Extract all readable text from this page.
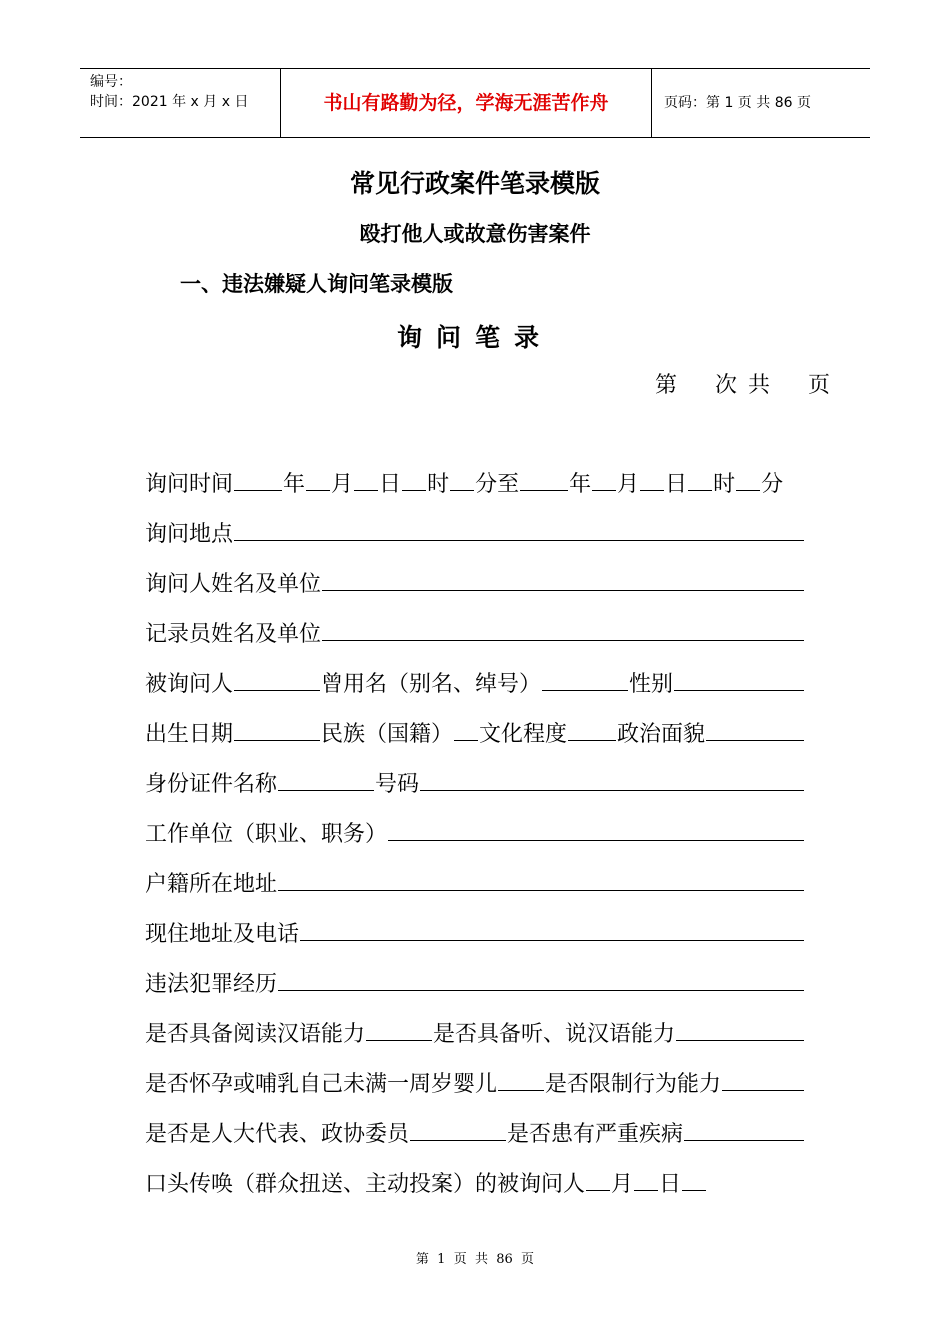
编号：
时间：2021 年 x 月 x 日	书山有路勤为径，学海无涯苦作舟	页码：第 1 页 共 86 页
常见行政案件笔录模版
殴打他人或故意伤害案件
一、违法嫌疑人询问笔录模版
询问笔录
第    次 共    页
询问时间 年 月 日 时 分至 年 月 日 时 分
询问地点
询问人姓名及单位
记录员姓名及单位
被询问人	曾用名（别名、绰号）	性别
出生日期	民族（国籍） 文化程度 政治面貌
身份证件名称	号码
工作单位（职业、职务）
户籍所在地址
现住地址及电话
违法犯罪经历
是否具备阅读汉语能力	是否具备听、说汉语能力
是否怀孕或哺乳自己未满一周岁婴儿 是否限制行为能力
是否是人大代表、政协委员	是否患有严重疾病
口头传唤（群众扭送、主动投案）的被询问人 月 日
第  1  页  共  86  页
